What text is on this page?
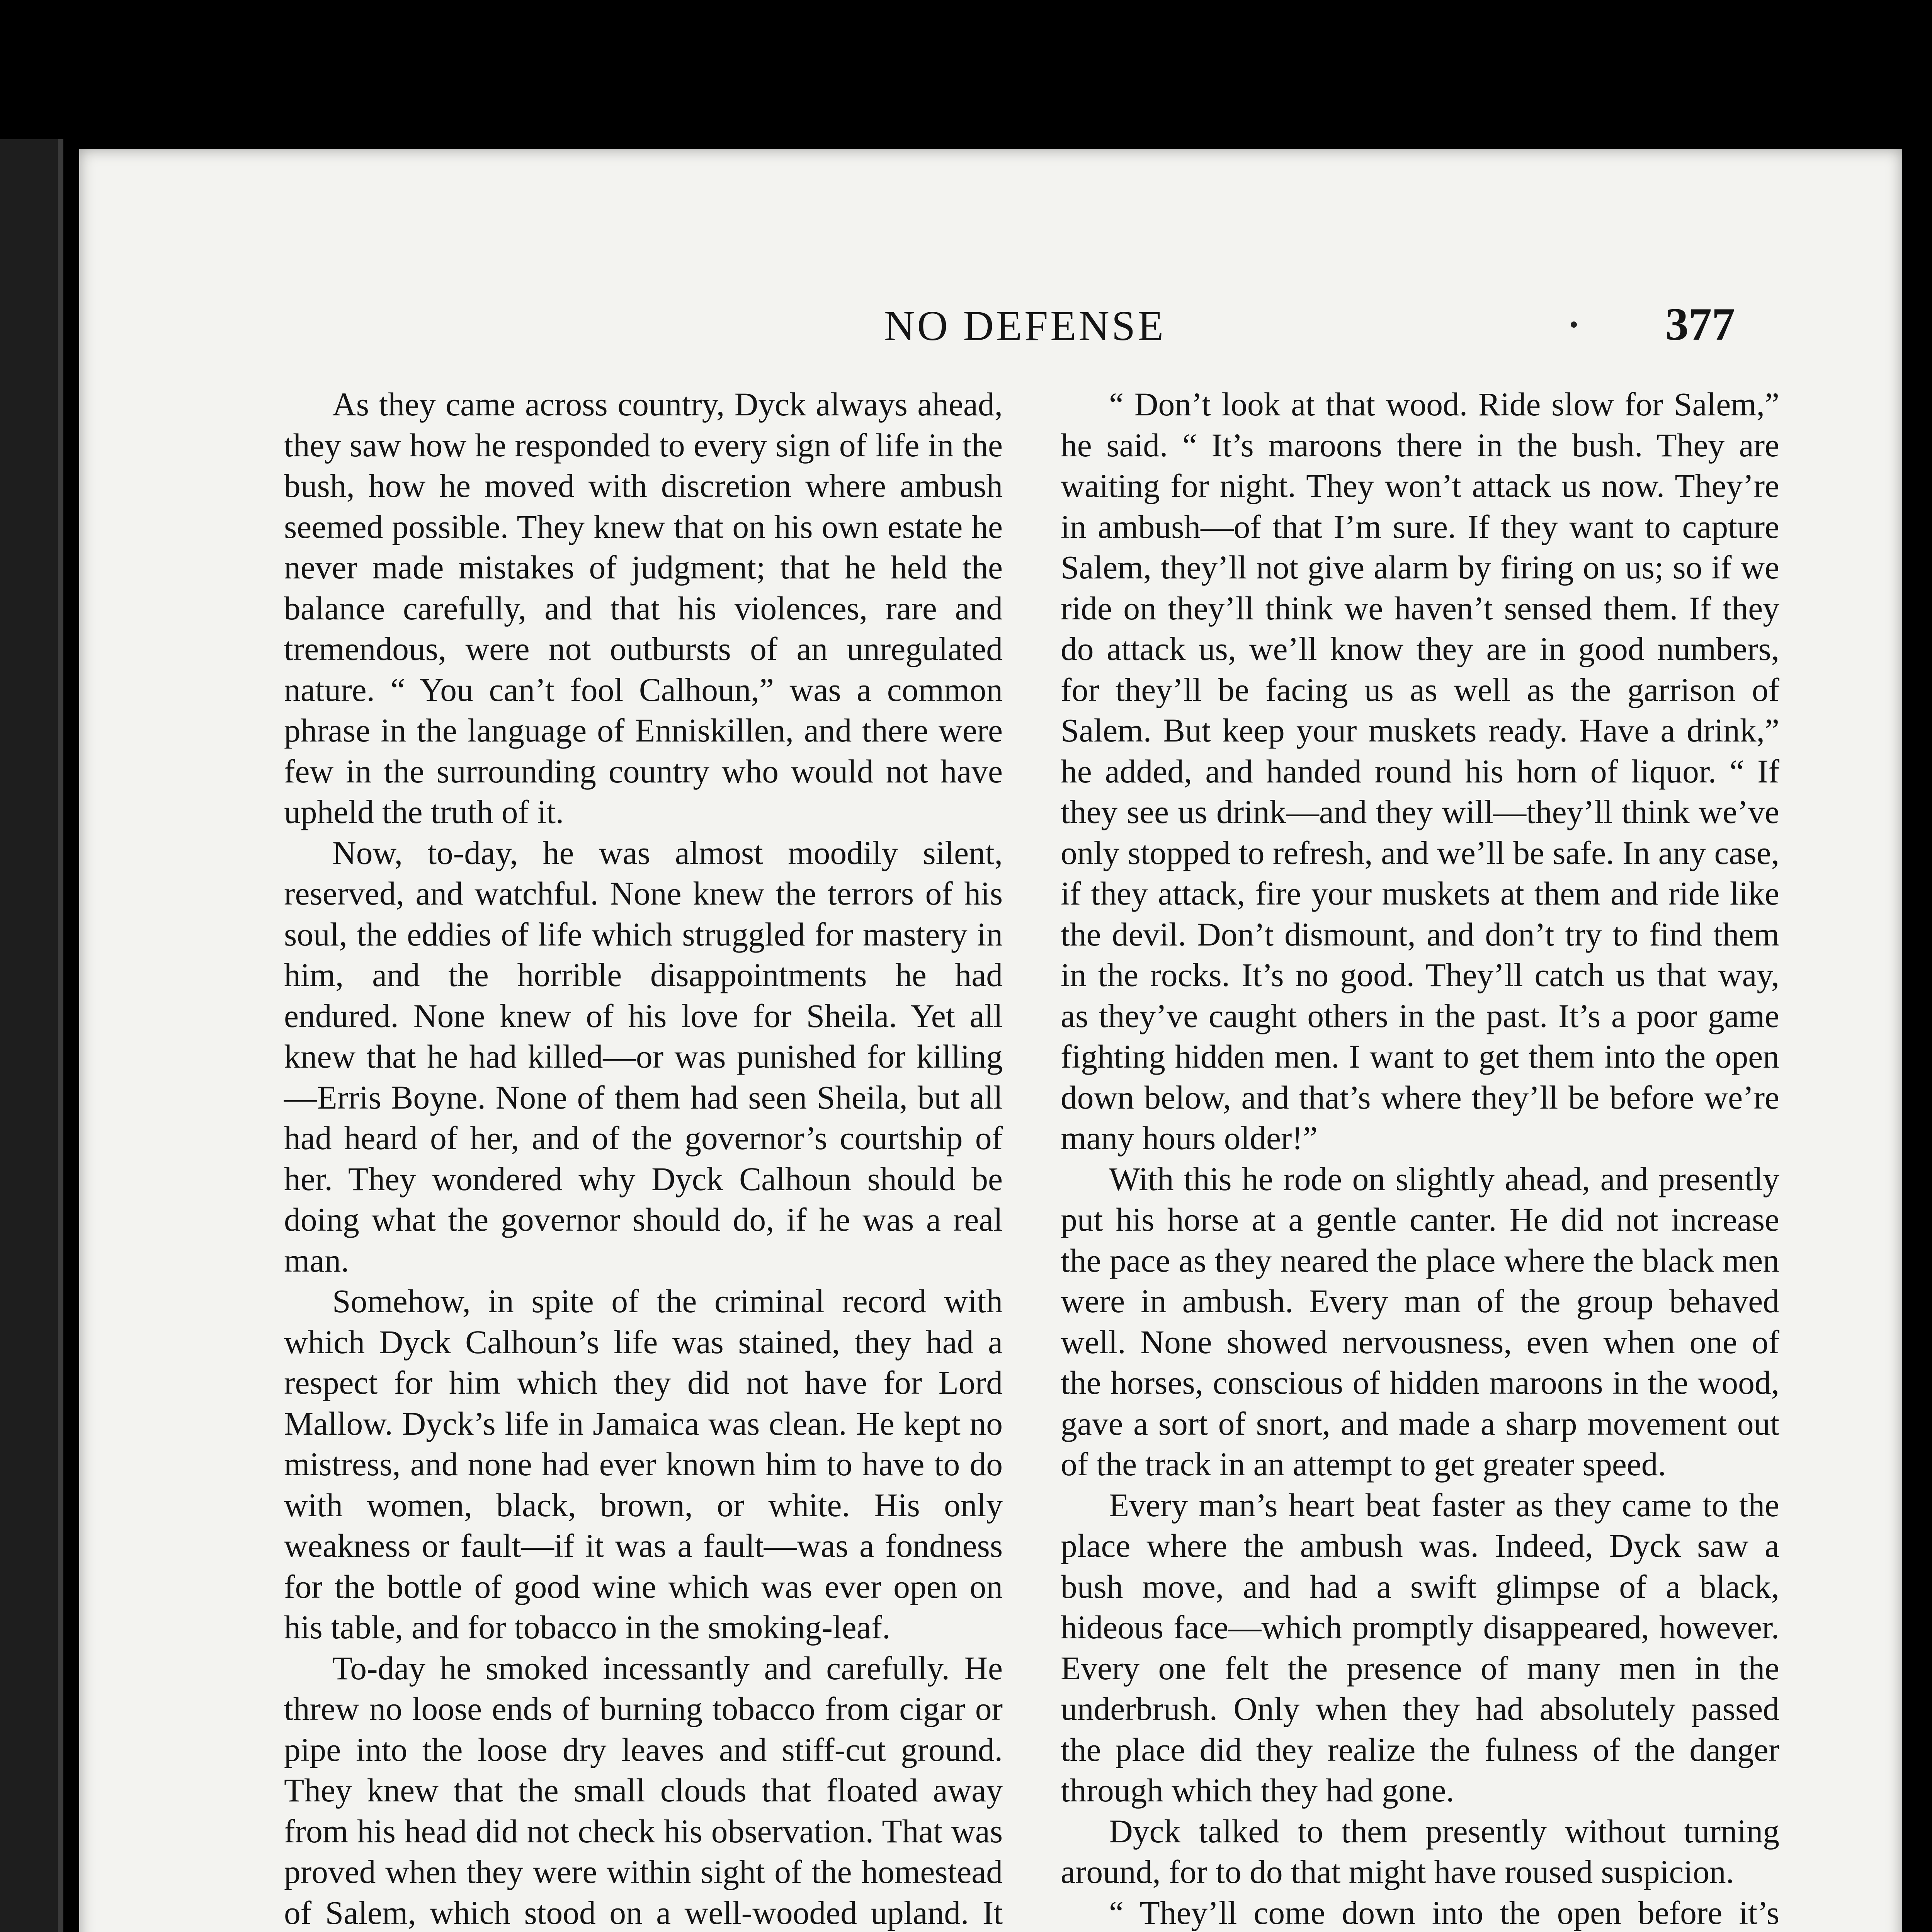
NO DEFENSE	377

As they came across country, Dyck always ahead, they saw how he responded to every sign of life in the bush, how he moved with discretion where ambush seemed possible. They knew that on his own estate he never made mistakes of judgment; that he held the balance carefully, and that his violences, rare and tremendous, were not outbursts of an unregulated nature. “ You can’t fool Calhoun,” was a common phrase in the language of Enniskillen, and there were few in the surrounding country who would not have upheld the truth of it.

Now, to-day, he was almost moodily silent, reserved, and watchful. None knew the terrors of his soul, the eddies of life which struggled for mastery in him, and the horrible disappointments he had endured. None knew of his love for Sheila. Yet all knew that he had killed—or was punished for killing—Erris Boyne. None of them had seen Sheila, but all had heard of her, and of the governor’s courtship of her. They wondered why Dyck Calhoun should be doing what the governor should do, if he was a real man.

Somehow, in spite of the criminal record with which Dyck Calhoun’s life was stained, they had a respect for him which they did not have for Lord Mallow. Dyck’s life in Jamaica was clean. He kept no mistress, and none had ever known him to have to do with women, black, brown, or white. His only weakness or fault—if it was a fault—was a fondness for the bottle of good wine which was ever open on his table, and for tobacco in the smoking-leaf.

To-day he smoked incessantly and carefully. He threw no loose ends of burning tobacco from cigar or pipe into the loose dry leaves and stiff-cut ground. They knew that the small clouds that floated away from his head did not check his observation. That was proved when they were within sight of the homestead of Salem, which stood on a well-wooded upland. It

“ Don’t look at that wood. Ride slow for Salem,” he said. “ It’s maroons there in the bush. They are waiting for night. They won’t attack us now. They’re in ambush—of that I’m sure. If they want to capture Salem, they’ll not give alarm by firing on us; so if we ride on they’ll think we haven’t sensed them. If they do attack us, we’ll know they are in good numbers, for they’ll be facing us as well as the garrison of Salem. But keep your muskets ready. Have a drink,” he added, and handed round his horn of liquor. “ If they see us drink—and they will—they’ll think we’ve only stopped to refresh, and we’ll be safe. In any case, if they attack, fire your muskets at them and ride like the devil. Don’t dismount, and don’t try to find them in the rocks. It’s no good. They’ll catch us that way, as they’ve caught others in the past. It’s a poor game fighting hidden men. I want to get them into the open down below, and that’s where they’ll be before we’re many hours older!”

With this he rode on slightly ahead, and presently put his horse at a gentle canter. He did not increase the pace as they neared the place where the black men were in ambush. Every man of the group behaved well. None showed nervousness, even when one of the horses, conscious of hidden maroons in the wood, gave a sort of snort, and made a sharp movement out of the track in an attempt to get greater speed.

Every man’s heart beat faster as they came to the place where the ambush was. Indeed, Dyck saw a bush move, and had a swift glimpse of a black, hideous face—which promptly disappeared, however. Every one felt the presence of many men in the underbrush. Only when they had absolutely passed the place did they realize the fulness of the danger through which they had gone.

Dyck talked to them presently without turning around, for to do that might have roused suspicion.

“ They’ll come down into the open before it’s
